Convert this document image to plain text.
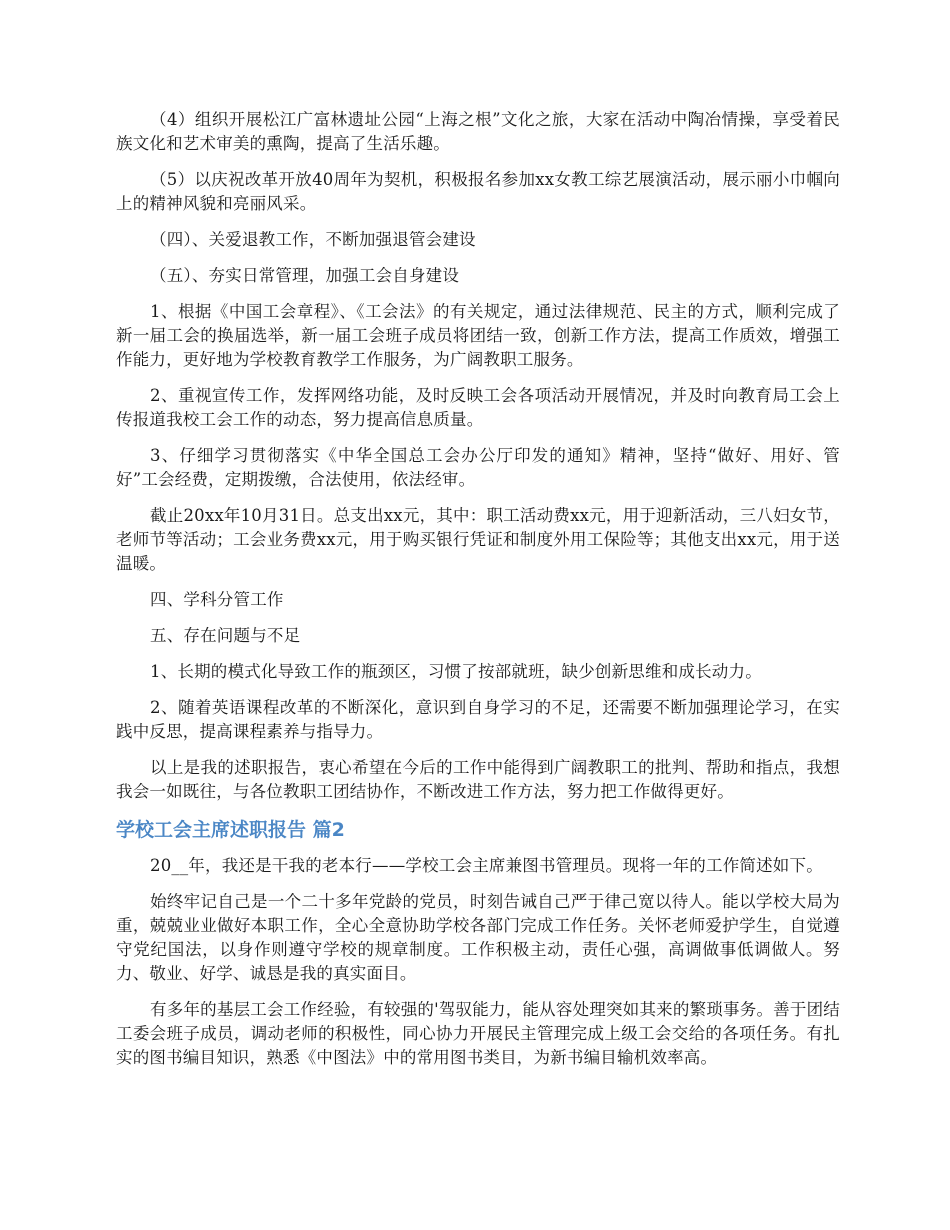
（4）组织开展松江广富林遗址公园“上海之根”文化之旅，大家在活动中陶冶情操，享受着民族文化和艺术审美的熏陶，提高了生活乐趣。

（5）以庆祝改革开放40周年为契机，积极报名参加xx女教工综艺展演活动，展示丽小巾帼向上的精神风貌和亮丽风采。

（四）、关爱退教工作，不断加强退管会建设

（五）、夯实日常管理，加强工会自身建设

1、根据《中国工会章程》、《工会法》的有关规定，通过法律规范、民主的方式，顺利完成了新一届工会的换届选举，新一届工会班子成员将团结一致，创新工作方法，提高工作质效，增强工作能力，更好地为学校教育教学工作服务，为广阔教职工服务。

2、重视宣传工作，发挥网络功能，及时反映工会各项活动开展情况，并及时向教育局工会上传报道我校工会工作的动态，努力提高信息质量。

3、仔细学习贯彻落实《中华全国总工会办公厅印发的通知》精神，坚持“做好、用好、管好”工会经费，定期拨缴，合法使用，依法经审。

截止20xx年10月31日。总支出xx元，其中：职工活动费xx元，用于迎新活动，三八妇女节，老师节等活动；工会业务费xx元，用于购买银行凭证和制度外用工保险等；其他支出xx元，用于送温暖。

四、学科分管工作

五、存在问题与不足

1、长期的模式化导致工作的瓶颈区，习惯了按部就班，缺少创新思维和成长动力。

2、随着英语课程改革的不断深化，意识到自身学习的不足，还需要不断加强理论学习，在实践中反思，提高课程素养与指导力。

以上是我的述职报告，衷心希望在今后的工作中能得到广阔教职工的批判、帮助和指点，我想我会一如既往，与各位教职工团结协作，不断改进工作方法，努力把工作做得更好。

学校工会主席述职报告 篇2

20__年，我还是干我的老本行——学校工会主席兼图书管理员。现将一年的工作简述如下。

始终牢记自己是一个二十多年党龄的党员，时刻告诫自己严于律己宽以待人。能以学校大局为重，兢兢业业做好本职工作，全心全意协助学校各部门完成工作任务。关怀老师爱护学生，自觉遵守党纪国法，以身作则遵守学校的规章制度。工作积极主动，责任心强，高调做事低调做人。努力、敬业、好学、诚恳是我的真实面目。

有多年的基层工会工作经验，有较强的'驾驭能力，能从容处理突如其来的繁琐事务。善于团结工委会班子成员，调动老师的积极性，同心协力开展民主管理完成上级工会交给的各项任务。有扎实的图书编目知识，熟悉《中图法》中的常用图书类目，为新书编目输机效率高。
